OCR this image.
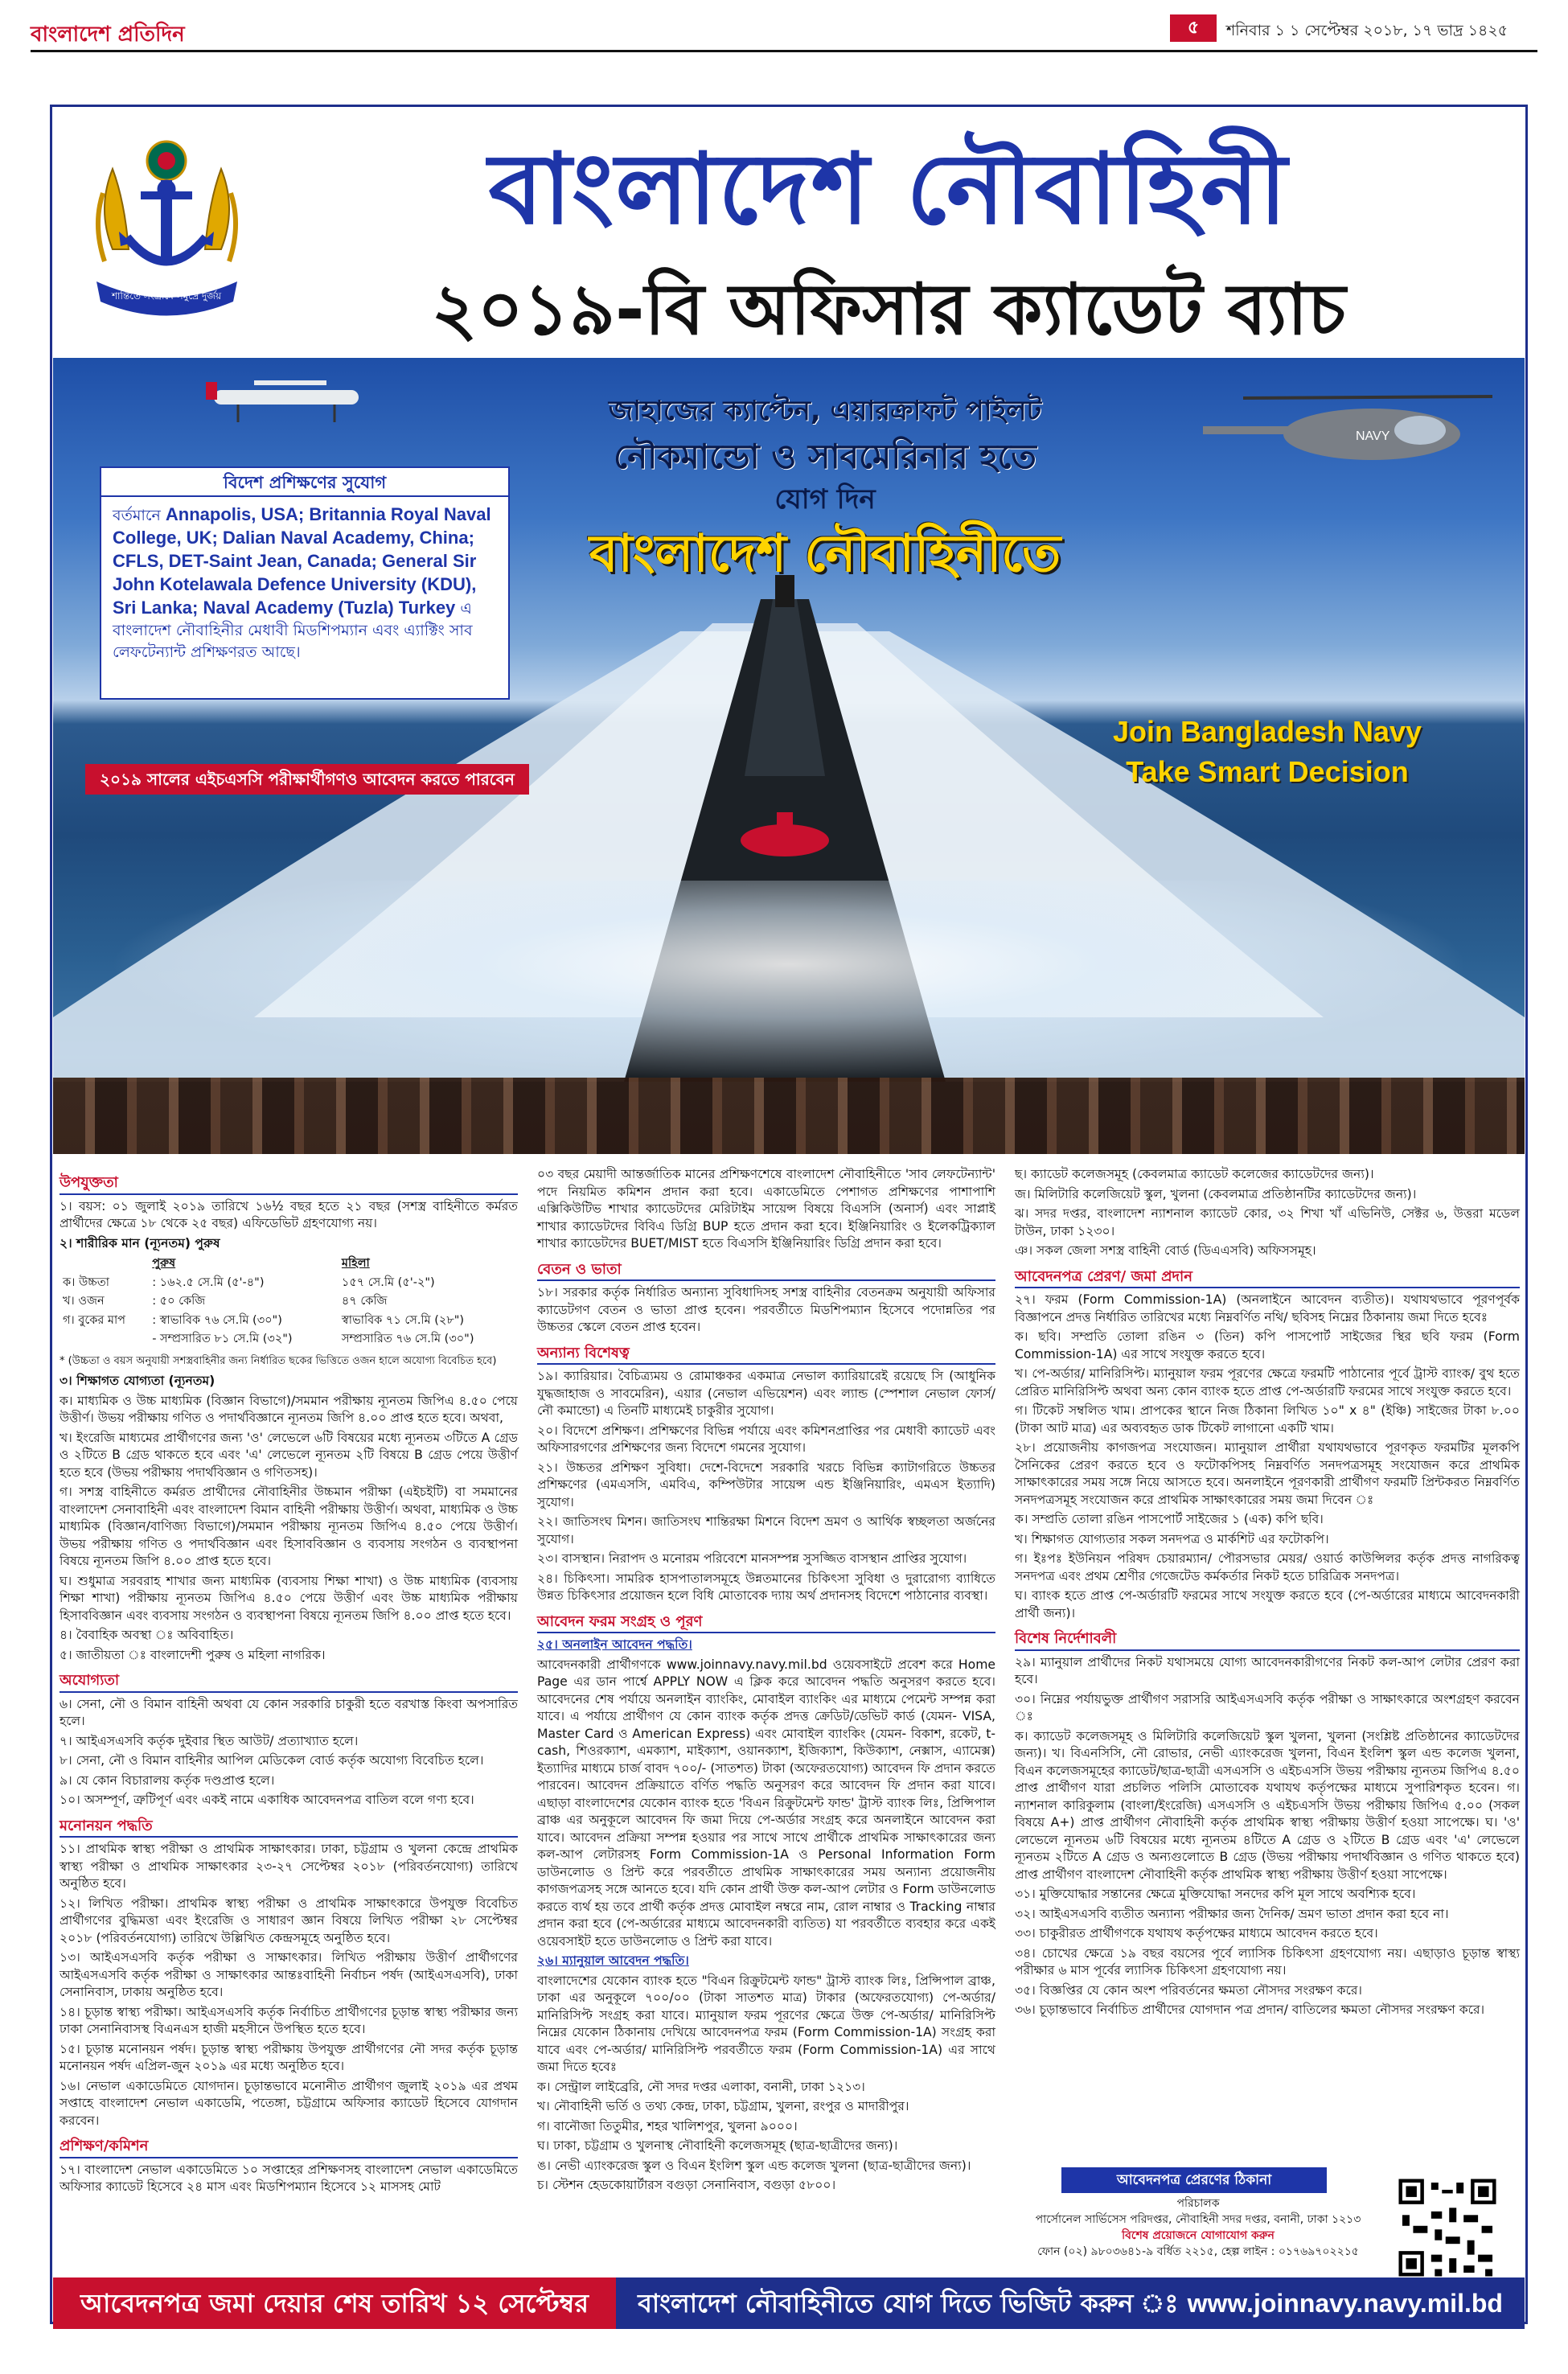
বাংলাদেশ প্রতিদিন	৫	শনিবার ১ ১ সেপ্টেম্বর ২০১৮, ১৭ ভাদ্র ১৪২৫
শান্তিতে সংগ্রামে সমুদ্রে দুর্জয়
বাংলাদেশ নৌবাহিনী
২০১৯-বি অফিসার ক্যাডেট ব্যাচ
NAVY
জাহাজের ক্যাপ্টেন, এয়ারক্রাফট পাইলট
নৌকমান্ডো ও সাবমেরিনার হতে
যোগ দিন
বাংলাদেশ নৌবাহিনীতে
Join Bangladesh Navy
Take Smart Decision
২০১৯ সালের এইচএসসি পরীক্ষার্থীগণও আবেদন করতে পারবেন
বিদেশ প্রশিক্ষণের সুযোগ
বর্তমানে Annapolis, USA; Britannia Royal Naval College, UK; Dalian Naval Academy, China; CFLS, DET-Saint Jean, Canada; General Sir John Kotelawala Defence University (KDU), Sri Lanka; Naval Academy (Tuzla) Turkey এ বাংলাদেশ নৌবাহিনীর মেধাবী মিডশিপম্যান এবং এ্যাক্টিং সাব লেফটেন্যান্ট প্রশিক্ষণরত আছে।
উপযুক্ততা
১। বয়স: ০১ জুলাই ২০১৯ তারিখে ১৬½ বছর হতে ২১ বছর (সশস্ত্র বাহিনীতে কর্মরত প্রার্থীদের ক্ষেত্রে ১৮ থেকে ২৫ বছর) এফিডেভিট গ্রহণযোগ্য নয়।
২। শারীরিক মান (ন্যূনতম) পুরুষ
	পুরুষ	মহিলা
ক। উচ্চতা	: ১৬২.৫ সে.মি (৫'-৪")	১৫৭ সে.মি (৫'-২")
খ। ওজন	: ৫০ কেজি	৪৭ কেজি
গ। বুকের মাপ	: স্বাভাবিক ৭৬ সে.মি (৩০")	স্বাভাবিক ৭১ সে.মি (২৮")
	- সম্প্রসারিত ৮১ সে.মি (৩২")	সম্প্রসারিত ৭৬ সে.মি (৩০")
* (উচ্চতা ও বয়স অনুযায়ী সশস্ত্রবাহিনীর জন্য নির্ধারিত ছকের ভিত্তিতে ওজন হালে অযোগ্য বিবেচিত হবে)
৩। শিক্ষাগত যোগ্যতা (ন্যূনতম)
ক। মাধ্যমিক ও উচ্চ মাধ্যমিক (বিজ্ঞান বিভাগে)/সমমান পরীক্ষায় ন্যূনতম জিপিএ ৪.৫০ পেয়ে উত্তীর্ণ। উভয় পরীক্ষায় গণিত ও পদার্থবিজ্ঞানে ন্যূনতম জিপি ৪.০০ প্রাপ্ত হতে হবে। অথবা,
খ। ইংরেজি মাধ্যমের প্রার্থীগণের জন্য 'ও' লেভেলে ৬টি বিষয়ের মধ্যে ন্যূনতম ৩টিতে A গ্রেড ও ২টিতে B গ্রেড থাকতে হবে এবং 'এ' লেভেলে ন্যূনতম ২টি বিষয়ে B গ্রেড পেয়ে উত্তীর্ণ হতে হবে (উভয় পরীক্ষায় পদার্থবিজ্ঞান ও গণিতসহ)।
গ। সশস্ত্র বাহিনীতে কর্মরত প্রার্থীদের নৌবাহিনীর উচ্চমান পরীক্ষা (এইচইটি) বা সমমানের বাংলাদেশ সেনাবাহিনী এবং বাংলাদেশ বিমান বাহিনী পরীক্ষায় উত্তীর্ণ। অথবা, মাধ্যমিক ও উচ্চ মাধ্যমিক (বিজ্ঞান/বাণিজ্য বিভাগে)/সমমান পরীক্ষায় ন্যূনতম জিপিএ ৪.৫০ পেয়ে উত্তীর্ণ। উভয় পরীক্ষায় গণিত ও পদার্থবিজ্ঞান এবং হিসাববিজ্ঞান ও ব্যবসায় সংগঠন ও ব্যবস্থাপনা বিষয়ে ন্যূনতম জিপি ৪.০০ প্রাপ্ত হতে হবে।
ঘ। শুধুমাত্র সরবরাহ শাখার জন্য মাধ্যমিক (ব্যবসায় শিক্ষা শাখা) ও উচ্চ মাধ্যমিক (ব্যবসায় শিক্ষা শাখা) পরীক্ষায় ন্যূনতম জিপিএ ৪.৫০ পেয়ে উত্তীর্ণ এবং উচ্চ মাধ্যমিক পরীক্ষায় হিসাববিজ্ঞান এবং ব্যবসায় সংগঠন ও ব্যবস্থাপনা বিষয়ে ন্যূনতম জিপি ৪.০০ প্রাপ্ত হতে হবে।
৪। বৈবাহিক অবস্থা ঃ অবিবাহিত।
৫। জাতীয়তা ঃ বাংলাদেশী পুরুষ ও মহিলা নাগরিক।
অযোগ্যতা
৬। সেনা, নৌ ও বিমান বাহিনী অথবা যে কোন সরকারি চাকুরী হতে বরখাস্ত কিংবা অপসারিত হলে।
৭। আইএসএসবি কর্তৃক দুইবার স্থিত আউট/ প্রত্যাখ্যাত হলে।
৮। সেনা, নৌ ও বিমান বাহিনীর আপিল মেডিকেল বোর্ড কর্তৃক অযোগ্য বিবেচিত হলে।
৯। যে কোন বিচারালয় কর্তৃক দণ্ডপ্রাপ্ত হলে।
১০। অসম্পূর্ণ, ত্রুটিপূর্ণ এবং একই নামে একাধিক আবেদনপত্র বাতিল বলে গণ্য হবে।
মনোনয়ন পদ্ধতি
১১। প্রাথমিক স্বাস্থ্য পরীক্ষা ও প্রাথমিক সাক্ষাৎকার। ঢাকা, চট্টগ্রাম ও খুলনা কেন্দ্রে প্রাথমিক স্বাস্থ্য পরীক্ষা ও প্রাথমিক সাক্ষাৎকার ২৩-২৭ সেপ্টেম্বর ২০১৮ (পরিবর্তনযোগ্য) তারিখে অনুষ্ঠিত হবে।
১২। লিখিত পরীক্ষা। প্রাথমিক স্বাস্থ্য পরীক্ষা ও প্রাথমিক সাক্ষাৎকারে উপযুক্ত বিবেচিত প্রার্থীগণের বুদ্ধিমত্তা এবং ইংরেজি ও সাধারণ জ্ঞান বিষয়ে লিখিত পরীক্ষা ২৮ সেপ্টেম্বর ২০১৮ (পরিবর্তনযোগ্য) তারিখে উল্লিখিত কেন্দ্রসমূহে অনুষ্ঠিত হবে।
১৩। আইএসএসবি কর্তৃক পরীক্ষা ও সাক্ষাৎকার। লিখিত পরীক্ষায় উত্তীর্ণ প্রার্থীগণের আইএসএসবি কর্তৃক পরীক্ষা ও সাক্ষাৎকার আন্তঃবাহিনী নির্বাচন পর্ষদ (আইএসএসবি), ঢাকা সেনানিবাস, ঢাকায় অনুষ্ঠিত হবে।
১৪। চূড়ান্ত স্বাস্থ্য পরীক্ষা। আইএসএসবি কর্তৃক নির্বাচিত প্রার্থীগণের চূড়ান্ত স্বাস্থ্য পরীক্ষার জন্য ঢাকা সেনানিবাসস্থ বিএনএস হাজী মহসীনে উপস্থিত হতে হবে।
১৫। চূড়ান্ত মনোনয়ন পর্ষদ। চূড়ান্ত স্বাস্থ্য পরীক্ষায় উপযুক্ত প্রার্থীগণের নৌ সদর কর্তৃক চূড়ান্ত মনোনয়ন পর্ষদ এপ্রিল-জুন ২০১৯ এর মধ্যে অনুষ্ঠিত হবে।
১৬। নেভাল একাডেমিতে যোগদান। চূড়ান্তভাবে মনোনীত প্রার্থীগণ জুলাই ২০১৯ এর প্রথম সপ্তাহে বাংলাদেশ নেভাল একাডেমি, পতেঙ্গা, চট্টগ্রামে অফিসার ক্যাডেট হিসেবে যোগদান করবেন।
প্রশিক্ষণ/কমিশন
১৭। বাংলাদেশ নেভাল একাডেমিতে ১০ সপ্তাহের প্রশিক্ষণসহ বাংলাদেশ নেভাল একাডেমিতে অফিসার ক্যাডেট হিসেবে ২৪ মাস এবং মিডশিপম্যান হিসেবে ১২ মাসসহ মোট
০৩ বছর মেয়াদী আন্তর্জাতিক মানের প্রশিক্ষণশেষে বাংলাদেশ নৌবাহিনীতে 'সাব লেফটেন্যান্ট' পদে নিয়মিত কমিশন প্রদান করা হবে। একাডেমিতে পেশাগত প্রশিক্ষণের পাশাপাশি এক্সিকিউটিভ শাখার ক্যাডেটদের মেরিটাইম সায়েন্স বিষয়ে বিএসসি (অনার্স) এবং সাপ্লাই শাখার ক্যাডেটদের বিবিএ ডিগ্রি BUP হতে প্রদান করা হবে। ইঞ্জিনিয়ারিং ও ইলেকট্রিক্যাল শাখার ক্যাডেটদের BUET/MIST হতে বিএসসি ইঞ্জিনিয়ারিং ডিগ্রি প্রদান করা হবে।
বেতন ও ভাতা
১৮। সরকার কর্তৃক নির্ধারিত অন্যান্য সুবিধাদিসহ সশস্ত্র বাহিনীর বেতনক্রম অনুযায়ী অফিসার ক্যাডেটগণ বেতন ও ভাতা প্রাপ্ত হবেন। পরবর্তীতে মিডশিপম্যান হিসেবে পদোন্নতির পর উচ্চতর স্কেলে বেতন প্রাপ্ত হবেন।
অন্যান্য বিশেষত্ব
১৯। ক্যারিয়ার। বৈচিত্র্যময় ও রোমাঞ্চকর একমাত্র নেভাল ক্যারিয়ারেই রয়েছে সি (আধুনিক যুদ্ধজাহাজ ও সাবমেরিন), এয়ার (নেভাল এভিয়েশন) এবং ল্যান্ড (স্পেশাল নেভাল ফোর্স/ নৌ কমান্ডো) এ তিনটি মাধ্যমেই চাকুরীর সুযোগ।
২০। বিদেশে প্রশিক্ষণ। প্রশিক্ষণের বিভিন্ন পর্যায়ে এবং কমিশনপ্রাপ্তির পর মেধাবী ক্যাডেট এবং অফিসারগণের প্রশিক্ষণের জন্য বিদেশে গমনের সুযোগ।
২১। উচ্চতর প্রশিক্ষণ সুবিধা। দেশে-বিদেশে সরকারি খরচে বিভিন্ন ক্যাটাগরিতে উচ্চতর প্রশিক্ষণের (এমএসসি, এমবিএ, কম্পিউটার সায়েন্স এন্ড ইঞ্জিনিয়ারিং, এমএস ইত্যাদি) সুযোগ।
২২। জাতিসংঘ মিশন। জাতিসংঘ শান্তিরক্ষা মিশনে বিদেশ ভ্রমণ ও আর্থিক স্বচ্ছলতা অর্জনের সুযোগ।
২৩। বাসস্থান। নিরাপদ ও মনোরম পরিবেশে মানসম্পন্ন সুসজ্জিত বাসস্থান প্রাপ্তির সুযোগ।
২৪। চিকিৎসা। সামরিক হাসপাতালসমূহে উন্নতমানের চিকিৎসা সুবিধা ও দুরারোগ্য ব্যাধিতে উন্নত চিকিৎসার প্রয়োজন হলে বিধি মোতাবেক দ্যায় অর্থ প্রদানসহ বিদেশে পাঠানোর ব্যবস্থা।
আবেদন ফরম সংগ্রহ ও পূরণ
২৫। অনলাইন আবেদন পদ্ধতি।
আবেদনকারী প্রার্থীগণকে www.joinnavy.navy.mil.bd ওয়েবসাইটে প্রবেশ করে Home Page এর ডান পার্শ্বে APPLY NOW এ ক্লিক করে আবেদন পদ্ধতি অনুসরণ করতে হবে। আবেদনের শেষ পর্যায়ে অনলাইন ব্যাংকিং, মোবাইল ব্যাংকিং এর মাধ্যমে পেমেন্ট সম্পন্ন করা যাবে। এ পর্যায়ে প্রার্থীগণ যে কোন ব্যাংক কর্তৃক প্রদত্ত ক্রেডিট/ডেভিট কার্ড (যেমন- VISA, Master Card ও American Express) এবং মোবাইল ব্যাংকিং (যেমন- বিকাশ, রকেট, t-cash, শিওরক্যাশ, এমক্যাশ, মাইক্যাশ, ওয়ানক্যাশ, ইজিক্যাশ, কিউক্যাশ, নেক্সাস, এ্যামেক্স) ইত্যাদির মাধ্যমে চার্জ বাবদ ৭০০/- (সাতশত) টাকা (অফেরতযোগ্য) আবেদন ফি প্রদান করতে পারবেন। আবেদন প্রক্রিয়াতে বর্ণিত পদ্ধতি অনুসরণ করে আবেদন ফি প্রদান করা যাবে। এছাড়া বাংলাদেশের যেকোন ব্যাংক হতে 'বিএন রিক্রুটমেন্ট ফান্ড' ট্রাস্ট ব্যাংক লিঃ, প্রিন্সিপাল ব্রাঞ্চ এর অনুকূলে আবেদন ফি জমা দিয়ে পে-অর্ডার সংগ্রহ করে অনলাইনে আবেদন করা যাবে। আবেদন প্রক্রিয়া সম্পন্ন হওয়ার পর সাথে সাথে প্রার্থীকে প্রাথমিক সাক্ষাৎকারের জন্য কল-আপ লেটারসহ Form Commission-1A ও Personal Information Form ডাউনলোড ও প্রিন্ট করে পরবর্তীতে প্রাথমিক সাক্ষাৎকারের সময় অন্যান্য প্রয়োজনীয় কাগজপত্রসহ সঙ্গে আনতে হবে। যদি কোন প্রার্থী উক্ত কল-আপ লেটার ও Form ডাউনলোড করতে ব্যর্থ হয় তবে প্রার্থী কর্তৃক প্রদত্ত মোবাইল নম্বরে নাম, রোল নাম্বার ও Tracking নাম্বার প্রদান করা হবে (পে-অর্ডারের মাধ্যমে আবেদনকারী ব্যতিত) যা পরবর্তীতে ব্যবহার করে একই ওয়েবসাইট হতে ডাউনলোড ও প্রিন্ট করা যাবে।
২৬। ম্যানুয়াল আবেদন পদ্ধতি।
বাংলাদেশের যেকোন ব্যাংক হতে "বিএন রিক্রুটমেন্ট ফান্ড" ট্রাস্ট ব্যাংক লিঃ, প্রিন্সিপাল ব্রাঞ্চ, ঢাকা এর অনুকূলে ৭০০/০০ (টাকা সাতশত মাত্র) টাকার (অফেরতযোগ্য) পে-অর্ডার/ মানিরিসিপ্ট সংগ্রহ করা যাবে। ম্যানুয়াল ফরম পূরণের ক্ষেত্রে উক্ত পে-অর্ডার/ মানিরিসিপ্ট নিম্নের যেকোন ঠিকানায় দেখিয়ে আবেদনপত্র ফরম (Form Commission-1A) সংগ্রহ করা যাবে এবং পে-অর্ডার/ মানিরিসিপ্ট পরবর্তীতে ফরম (Form Commission-1A) এর সাথে জমা দিতে হবেঃ
ক। সেন্ট্রাল লাইব্রেরি, নৌ সদর দপ্তর এলাকা, বনানী, ঢাকা ১২১৩।
খ। নৌবাহিনী ভর্তি ও তথ্য কেন্দ্র, ঢাকা, চট্টগ্রাম, খুলনা, রংপুর ও মাদারীপুর।
গ। বানৌজা তিতুমীর, শহর খালিশপুর, খুলনা ৯০০০।
ঘ। ঢাকা, চট্টগ্রাম ও খুলনাস্থ নৌবাহিনী কলেজসমূহ (ছাত্র-ছাত্রীদের জন্য)।
ঙ। নেভী এ্যাংকরেজ স্কুল ও বিএন ইংলিশ স্কুল এন্ড কলেজ খুলনা (ছাত্র-ছাত্রীদের জন্য)।
চ। স্টেশন হেডকোয়ার্টারস বগুড়া সেনানিবাস, বগুড়া ৫৮০০।
ছ। ক্যাডেট কলেজসমূহ (কেবলমাত্র ক্যাডেট কলেজের ক্যাডেটদের জন্য)।
জ। মিলিটারি কলেজিয়েট স্কুল, খুলনা (কেবলমাত্র প্রতিষ্ঠানটির ক্যাডেটদের জন্য)।
ঝ। সদর দপ্তর, বাংলাদেশ ন্যাশনাল ক্যাডেট কোর, ৩২ শিখা খাঁ এভিনিউ, সেক্টর ৬, উত্তরা মডেল টাউন, ঢাকা ১২৩০।
ঞ। সকল জেলা সশস্ত্র বাহিনী বোর্ড (ডিএএসবি) অফিসসমূহ।
আবেদনপত্র প্রেরণ/ জমা প্রদান
২৭। ফরম (Form Commission-1A) (অনলাইনে আবেদন ব্যতীত)। যথাযথভাবে পূরণপূর্বক বিজ্ঞাপনে প্রদত্ত নির্ধারিত তারিখের মধ্যে নিম্নবর্ণিত নথি/ ছবিসহ নিম্নের ঠিকানায় জমা দিতে হবেঃ
ক। ছবি। সম্প্রতি তোলা রঙিন ৩ (তিন) কপি পাসপোর্ট সাইজের স্থির ছবি ফরম (Form Commission-1A) এর সাথে সংযুক্ত করতে হবে।
খ। পে-অর্ডার/ মানিরিসিপ্ট। ম্যানুয়াল ফরম পূরণের ক্ষেত্রে ফরমটি পাঠানোর পূর্বে ট্রাস্ট ব্যাংক/ বুথ হতে প্রেরিত মানিরিসিপ্ট অথবা অন্য কোন ব্যাংক হতে প্রাপ্ত পে-অর্ডারটি ফরমের সাথে সংযুক্ত করতে হবে।
গ। টিকেট সম্বলিত খাম। প্রাপকের স্থানে নিজ ঠিকানা লিখিত ১০" x ৪" (ইঞ্চি) সাইজের টাকা ৮.০০ (টাকা আট মাত্র) এর অব্যবহৃত ডাক টিকেট লাগানো একটি খাম।
২৮। প্রয়োজনীয় কাগজপত্র সংযোজন। ম্যানুয়াল প্রার্থীরা যথাযথভাবে পূরণকৃত ফরমটির মূলকপি সৈনিকের প্রেরণ করতে হবে ও ফটোকপিসহ নিম্নবর্ণিত সনদপত্রসমূহ সংযোজন করে প্রাথমিক সাক্ষাৎকারের সময় সঙ্গে নিয়ে আসতে হবে। অনলাইনে পূরণকারী প্রার্থীগণ ফরমটি প্রিন্টকরত নিম্নবর্ণিত সনদপত্রসমূহ সংযোজন করে প্রাথমিক সাক্ষাৎকারের সময় জমা দিবেন ঃ
ক। সম্প্রতি তোলা রঙিন পাসপোর্ট সাইজের ১ (এক) কপি ছবি।
খ। শিক্ষাগত যোগ্যতার সকল সনদপত্র ও মার্কশিট এর ফটোকপি।
গ। ইঃপঃ ইউনিয়ন পরিষদ চেয়ারম্যান/ পৌরসভার মেয়র/ ওয়ার্ড কাউন্সিলর কর্তৃক প্রদত্ত নাগরিকত্ব সনদপত্র এবং প্রথম শ্রেণীর গেজেটেড কর্মকর্তার নিকট হতে চারিত্রিক সনদপত্র।
ঘ। ব্যাংক হতে প্রাপ্ত পে-অর্ডারটি ফরমের সাথে সংযুক্ত করতে হবে (পে-অর্ডারের মাধ্যমে আবেদনকারী প্রার্থী জন্য)।
বিশেষ নির্দেশাবলী
২৯। ম্যানুয়াল প্রার্থীদের নিকট যথাসময়ে যোগ্য আবেদনকারীগণের নিকট কল-আপ লেটার প্রেরণ করা হবে।
৩০। নিম্নের পর্যায়ভুক্ত প্রার্থীগণ সরাসরি আইএসএসবি কর্তৃক পরীক্ষা ও সাক্ষাৎকারে অংশগ্রহণ করবেন ঃ
ক। ক্যাডেট কলেজসমূহ ও মিলিটারি কলেজিয়েট স্কুল খুলনা, খুলনা (সংশ্লিষ্ট প্রতিষ্ঠানের ক্যাডেটদের জন্য)। খ। বিএনসিসি, নৌ রোভার, নেভী এ্যাংকরেজ খুলনা, বিএন ইংলিশ স্কুল এন্ড কলেজ খুলনা, বিএন কলেজসমূহের ক্যাডেট/ছাত্র-ছাত্রী এসএসসি ও এইচএসসি উভয় পরীক্ষায় ন্যূনতম জিপিএ ৪.৫০ প্রাপ্ত প্রার্থীগণ যারা প্রচলিত পলিসি মোতাবেক যথাযথ কর্তৃপক্ষের মাধ্যমে সুপারিশকৃত হবেন। গ। ন্যাশনাল কারিকুলাম (বাংলা/ইংরেজি) এসএসসি ও এইচএসসি উভয় পরীক্ষায় জিপিএ ৫.০০ (সকল বিষয়ে A+) প্রাপ্ত প্রার্থীগণ নৌবাহিনী কর্তৃক প্রাথমিক স্বাস্থ্য পরীক্ষায় উত্তীর্ণ হওয়া সাপেক্ষে। ঘ। 'ও' লেভেলে ন্যূনতম ৬টি বিষয়ের মধ্যে ন্যূনতম ৪টিতে A গ্রেড ও ২টিতে B গ্রেড এবং 'এ' লেভেলে ন্যূনতম ২টিতে A গ্রেড ও অন্যগুলোতে B গ্রেড (উভয় পরীক্ষায় পদার্থবিজ্ঞান ও গণিত থাকতে হবে) প্রাপ্ত প্রার্থীগণ বাংলাদেশ নৌবাহিনী কর্তৃক প্রাথমিক স্বাস্থ্য পরীক্ষায় উত্তীর্ণ হওয়া সাপেক্ষে।
৩১। মুক্তিযোদ্ধার সন্তানের ক্ষেত্রে মুক্তিযোদ্ধা সনদের কপি মূল সাথে অবশ্যিক হবে।
৩২। আইএসএসবি ব্যতীত অন্যান্য পরীক্ষার জন্য দৈনিক/ ভ্রমণ ভাতা প্রদান করা হবে না।
৩৩। চাকুরীরত প্রার্থীগণকে যথাযথ কর্তৃপক্ষের মাধ্যমে আবেদন করতে হবে।
৩৪। চোখের ক্ষেত্রে ১৯ বছর বয়সের পূর্বে ল্যাসিক চিকিৎসা গ্রহণযোগ্য নয়। এছাড়াও চূড়ান্ত স্বাস্থ্য পরীক্ষার ৬ মাস পূর্বের ল্যাসিক চিকিৎসা গ্রহণযোগ্য নয়।
৩৫। বিজ্ঞপ্তির যে কোন অংশ পরিবর্তনের ক্ষমতা নৌসদর সংরক্ষণ করে।
৩৬। চূড়ান্তভাবে নির্বাচিত প্রার্থীদের যোগদান পত্র প্রদান/ বাতিলের ক্ষমতা নৌসদর সংরক্ষণ করে।
আবেদনপত্র প্রেরণের ঠিকানা
পরিচালক
পার্সোনেল সার্ভিসেস পরিদপ্তর, নৌবাহিনী সদর দপ্তর, বনানী, ঢাকা ১২১৩
বিশেষ প্রয়োজনে যোগাযোগ করুন
ফোন (০২) ৯৮০৩৬৪১-৯ বর্ধিত ২২১৫, হেল্প লাইন : ০১৭৬৯৭০২২১৫
আবেদনপত্র জমা দেয়ার শেষ তারিখ ১২ সেপ্টেম্বর ২০১৮
বাংলাদেশ নৌবাহিনীতে যোগ দিতে ভিজিট করুন ঃ www.joinnavy.navy.mil.bd
